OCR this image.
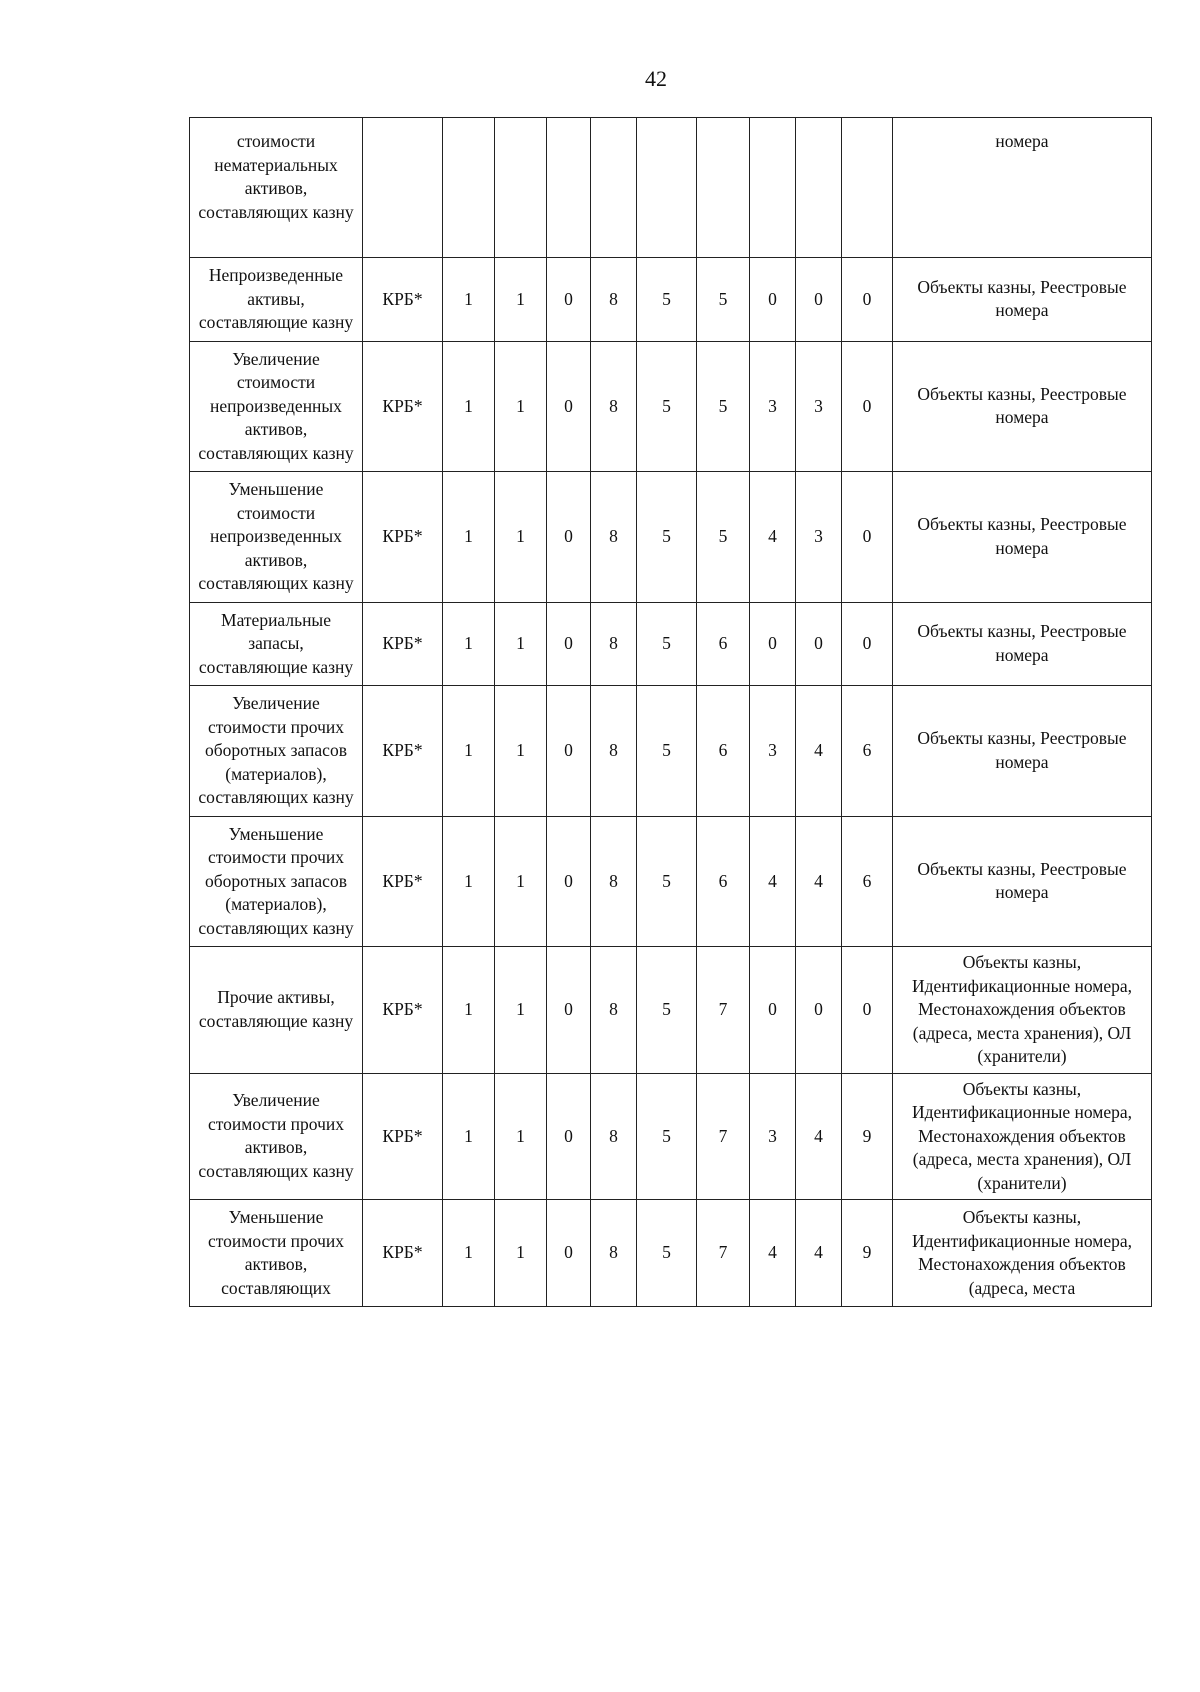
42
стоимости нематериальных активов, составляющих казну											номера
Непроизведенные активы, составляющие казну	КРБ*	1	1	0	8	5	5	0	0	0	Объекты казны, Реестровые номера
Увеличение стоимости непроизведенных активов, составляющих казну	КРБ*	1	1	0	8	5	5	3	3	0	Объекты казны, Реестровые номера
Уменьшение стоимости непроизведенных активов, составляющих казну	КРБ*	1	1	0	8	5	5	4	3	0	Объекты казны, Реестровые номера
Материальные запасы, составляющие казну	КРБ*	1	1	0	8	5	6	0	0	0	Объекты казны, Реестровые номера
Увеличение стоимости прочих оборотных запасов (материалов), составляющих казну	КРБ*	1	1	0	8	5	6	3	4	6	Объекты казны, Реестровые номера
Уменьшение стоимости прочих оборотных запасов (материалов), составляющих казну	КРБ*	1	1	0	8	5	6	4	4	6	Объекты казны, Реестровые номера
Прочие активы, составляющие казну	КРБ*	1	1	0	8	5	7	0	0	0	Объекты казны, Идентификационные номера, Местонахождения объектов (адреса, места хранения), ОЛ (хранители)
Увеличение стоимости прочих активов, составляющих казну	КРБ*	1	1	0	8	5	7	3	4	9	Объекты казны, Идентификационные номера, Местонахождения объектов (адреса, места хранения), ОЛ (хранители)
Уменьшение стоимости прочих активов, составляющих	КРБ*	1	1	0	8	5	7	4	4	9	Объекты казны, Идентификационные номера, Местонахождения объектов (адреса, места
